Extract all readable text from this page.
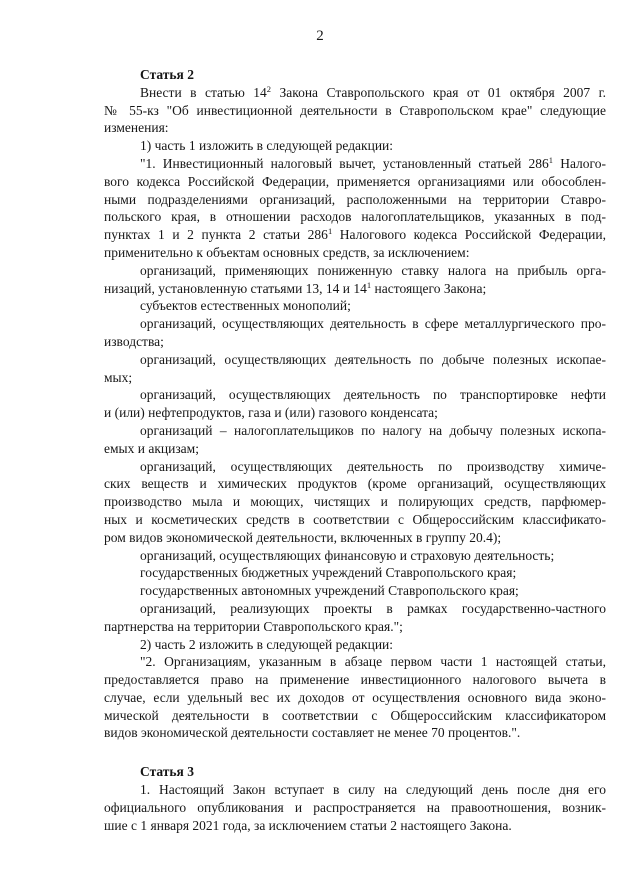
2

Статья 2

Внести в статью $14^2$ Закона Ставропольского края от 01 октября 2007 г.

№ 55-кз "Об инвестиционной деятельности в Ставропольском крае" следующие

изменения:

1) часть 1 изложить в следующей редакции:

"1. Инвестиционный налоговый вычет, установленный статьей $286^1$ Налого-

вого кодекса Российской Федерации, применяется организациями или обособлен-

ными подразделениями организаций, расположенными на территории Ставро-

польского края, в отношении расходов налогоплательщиков, указанных в под-

пунктах 1 и 2 пункта 2 статьи $286^1$ Налогового кодекса Российской Федерации,

применительно к объектам основных средств, за исключением:

организаций, применяющих пониженную ставку налога на прибыль орга-

низаций, установленную статьями 13, 14 и $14^1$ настоящего Закона;

субъектов естественных монополий;

организаций, осуществляющих деятельность в сфере металлургического про-

изводства;

организаций, осуществляющих деятельность по добыче полезных ископае-

мых;

организаций, осуществляющих деятельность по транспортировке нефти

и (или) нефтепродуктов, газа и (или) газового конденсата;

организаций – налогоплательщиков по налогу на добычу полезных ископа-

емых и акцизам;

организаций, осуществляющих деятельность по производству химиче-

ских веществ и химических продуктов (кроме организаций, осуществляющих

производство мыла и моющих, чистящих и полирующих средств, парфюмер-

ных и косметических средств в соответствии с Общероссийским классификато-

ром видов экономической деятельности, включенных в группу 20.4);

организаций, осуществляющих финансовую и страховую деятельность;

государственных бюджетных учреждений Ставропольского края;

государственных автономных учреждений Ставропольского края;

организаций, реализующих проекты в рамках государственно-частного

партнерства на территории Ставропольского края.";

2) часть 2 изложить в следующей редакции:

"2. Организациям, указанным в абзаце первом части 1 настоящей статьи,

предоставляется право на применение инвестиционного налогового вычета в

случае, если удельный вес их доходов от осуществления основного вида эконо-

мической деятельности в соответствии с Общероссийским классификатором

видов экономической деятельности составляет не менее 70 процентов.".

Статья 3

1. Настоящий Закон вступает в силу на следующий день после дня его

официального опубликования и распространяется на правоотношения, возник-

шие с 1 января 2021 года, за исключением статьи 2 настоящего Закона.
